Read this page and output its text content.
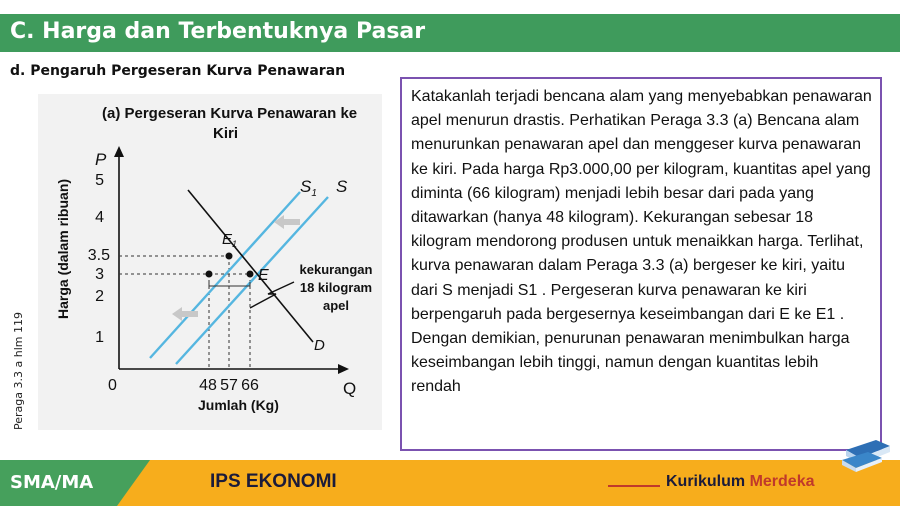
C. Harga dan Terbentuknya Pasar
d. Pengaruh Pergeseran Kurva Penawaran
Peraga 3.3 a hlm 119
(a) Pergeseran Kurva Penawaran ke
Kiri
Harga (dalam ribuan)
P
Q
0
5
4
3.5
3
2
1
48 57 66
$E_1$
E
$S_1$ S
D
kekurangan
18 kilogram
apel
Jumlah (Kg)

Katakanlah terjadi bencana alam yang menyebabkan penawaran apel menurun drastis. Perhatikan Peraga 3.3 (a) Bencana alam menurunkan penawaran apel dan menggeser kurva penawaran ke kiri. Pada harga Rp3.000,00 per kilogram, kuantitas apel yang diminta (66 kilogram) menjadi lebih besar dari pada yang ditawarkan (hanya 48 kilogram). Kekurangan sebesar 18 kilogram mendorong produsen untuk menaikkan harga. Terlihat, kurva penawaran dalam Peraga 3.3 (a) bergeser ke kiri, yaitu dari S menjadi S1 . Pergeseran kurva penawaran ke kiri berpengaruh pada bergesernya keseimbangan dari E ke E1 .

Dengan demikian, penurunan penawaran menimbulkan harga keseimbangan lebih tinggi, namun dengan kuantitas lebih rendah

SMA/MA	IPS EKONOMI	Kurikulum Merdeka
